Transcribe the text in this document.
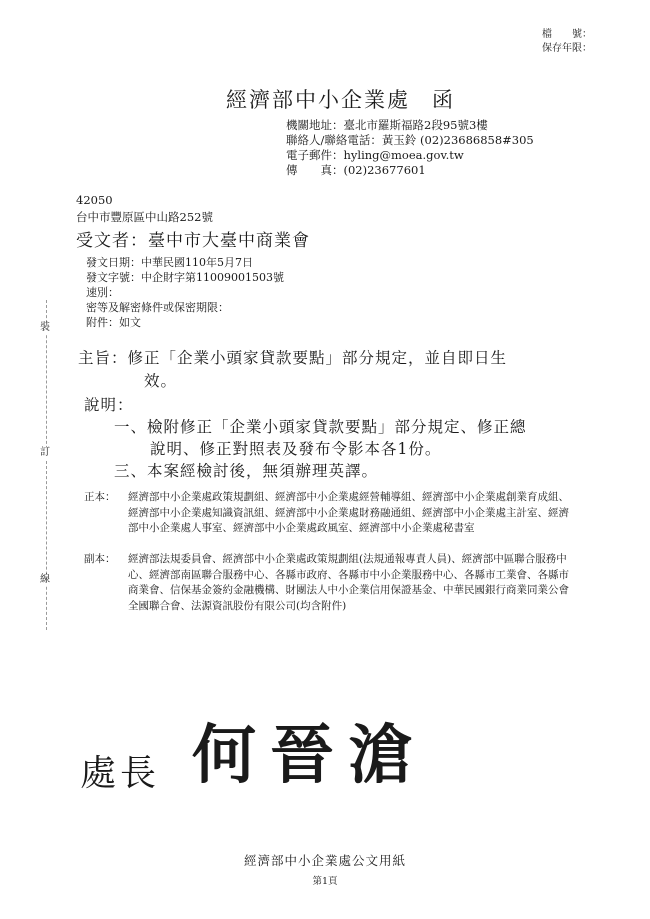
檔　　號：
保存年限：
裝
訂
線
經濟部中小企業處 函
機關地址：臺北市羅斯福路2段95號3樓
聯絡人/聯絡電話：黃玉鈴 (02)23686858#305
電子郵件：hyling@moea.gov.tw
傳　　真：(02)23677601
42050
台中市豐原區中山路252號
受文者：臺中市大臺中商業會
發文日期：中華民國110年5月7日
發文字號：中企財字第11009001503號
速別：
密等及解密條件或保密期限：
附件：如文
主旨：修正「企業小頭家貸款要點」部分規定，並自即日生
效。
說明：
一、檢附修正「企業小頭家貸款要點」部分規定、修正總
說明、修正對照表及發布令影本各1份。
三、本案經檢討後，無須辦理英譯。
正本：	經濟部中小企業處政策規劃組、經濟部中小企業處經營輔導組、經濟部中小企業處創業育成組、經濟部中小企業處知識資訊組、經濟部中小企業處財務融通組、經濟部中小企業處主計室、經濟部中小企業處人事室、經濟部中小企業處政風室、經濟部中小企業處秘書室
副本：	經濟部法規委員會、經濟部中小企業處政策規劃組(法規通報專責人員)、經濟部中區聯合服務中心、經濟部南區聯合服務中心、各縣市政府、各縣市中小企業服務中心、各縣市工業會、各縣市商業會、信保基金簽約金融機構、財團法人中小企業信用保證基金、中華民國銀行商業同業公會全國聯合會、法源資訊股份有限公司(均含附件)
處長 何晉滄
經濟部中小企業處公文用紙
第1頁
